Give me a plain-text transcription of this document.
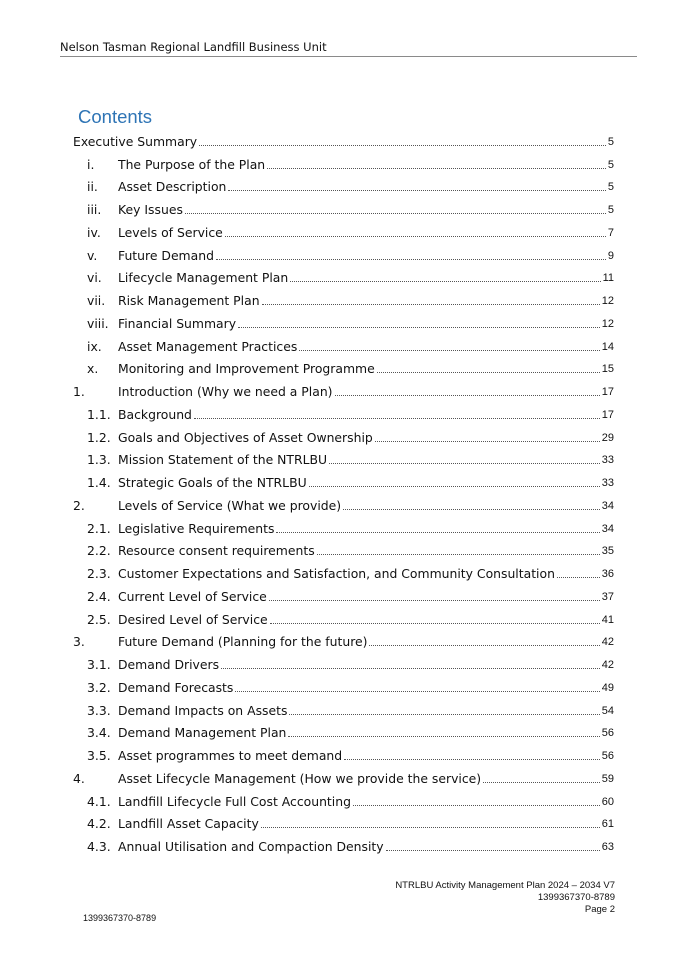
Nelson Tasman Regional Landfill Business Unit
Contents
Executive Summary	5
i.	The Purpose of the Plan	5
ii.	Asset Description	5
iii.	Key Issues	5
iv.	Levels of Service	7
v.	Future Demand	9
vi.	Lifecycle Management Plan	11
vii.	Risk Management Plan	12
viii. Financial Summary	12
ix.	Asset Management Practices	14
x.	Monitoring and Improvement Programme	15
1.	Introduction (Why we need a Plan)	17
1.1. Background	17
1.2. Goals and Objectives of Asset Ownership	29
1.3. Mission Statement of the NTRLBU	33
1.4. Strategic Goals of the NTRLBU	33
2.	Levels of Service (What we provide)	34
2.1. Legislative Requirements	34
2.2. Resource consent requirements	35
2.3. Customer Expectations and Satisfaction, and Community Consultation	36
2.4. Current Level of Service	37
2.5. Desired Level of Service	41
3.	Future Demand (Planning for the future)	42
3.1. Demand Drivers	42
3.2. Demand Forecasts	49
3.3. Demand Impacts on Assets	54
3.4. Demand Management Plan	56
3.5. Asset programmes to meet demand	56
4.	Asset Lifecycle Management (How we provide the service)	59
4.1. Landfill Lifecycle Full Cost Accounting	60
4.2. Landfill Asset Capacity	61
4.3. Annual Utilisation and Compaction Density	63
NTRLBU Activity Management Plan 2024 – 2034 V7
1399367370-8789
Page 2
1399367370-8789
